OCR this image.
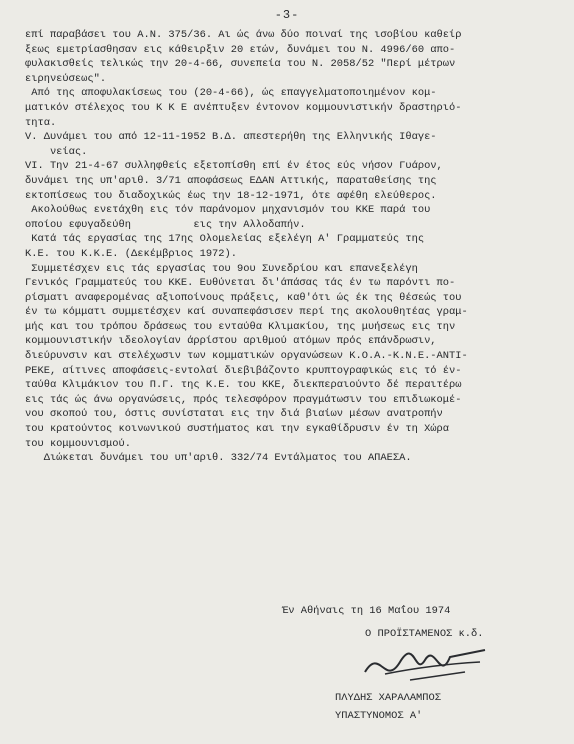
-3-

επί παραβάσει του Α.Ν. 375/36. Αι ώς άνω δύο ποιναί της ισοβίου καθείρ

ξεως εμετρίασθησαν εις κάθειρξιν 20 ετών, δυνάμει του Ν. 4996/60 απο-

φυλακισθείς τελικώς την 20-4-66, συνεπεία του Ν. 2058/52 "Περί μέτρων

ειρηνεύσεως".

Από της αποφυλακίσεως του (20-4-66), ώς επαγγελματοποιημένον κομ-

ματικόν στέλεχος του Κ Κ Ε ανέπτυξεν έντονον κομμουνιστικήν δραστηριό-

τητα.

V. Δυνάμει του από 12-11-1952 Β.Δ. απεστερήθη της Ελληνικής Ιθαγε-

νείας.

VI. Την 21-4-67 συλληφθείς εξετοπίσθη επί έν έτος εύς νήσον Γυάρον,

δυνάμει της υπ'αριθ. 3/71 αποφάσεως ΕΔΑΝ Αττικής, παραταθείσης της

εκτοπίσεως του διαδοχικώς έως την 18-12-1971, ότε αφέθη ελεύθερος.

Ακολούθως ενετάχθη εις τόν παράνομον μηχανισμόν του ΚΚΕ παρά του

οποίου εφυγαδεύθη          εις την Αλλοδαπήν.

Κατά τάς εργασίας της 17ης Ολομελείας εξελέγη Α' Γραμματεύς της

Κ.Ε. του Κ.Κ.Ε. (Δεκέμβριος 1972).

Συμμετέσχεν εις τάς εργασίας του 9ου Συνεδρίου και επανεξελέγη

Γενικός Γραμματεύς του ΚΚΕ. Ευθύνεται δι'άπάσας τάς έν τω παρόντι πο-

ρίσματι αναφερομένας αξιοποίνους πράξεις, καθ'ότι ώς έκ της θέσεώς του

έν τω κόμματι συμμετέσχεν καί συναπεφάσισεν περί της ακολουθητέας γραμ-

μής και του τρόπου δράσεως του ενταύθα Κλιμακίου, της μυήσεως εις την

κομμουνιστικήν ιδεολογίαν άρρίστου αριθμού ατόμων πρός επάνδρωσιν,

διεύρυνσιν και στελέχωσιν των κομματικών οργανώσεων Κ.Ο.Α.-Κ.Ν.Ε.-ΑΝΤΙ-

ΡΕΚΕ, αίτινες αποφάσεις-εντολαί διεβιβάζοντο κρυπτογραφικώς εις τό έν-

ταύθα Κλιμάκιον του Π.Γ. της Κ.Ε. του ΚΚΕ, διεκπεραιούντο δέ περαιτέρω

εις τάς ώς άνω οργανώσεις, πρός τελεσφόρον πραγμάτωσιν του επιδιωκομέ-

νου σκοπού του, όστις συνίσταται εις την διά βιαίων μέσων ανατροπήν

του κρατούντος κοινωνικού συστήματος και την εγκαθίδρυσιν έν τη Χώρα

του κομμουνισμού.

Διώκεται δυνάμει του υπ'αριθ. 332/74 Εντάλματος του ΑΠΑΕΣΑ.

Έν Αθήναις τη 16 Μαΐου 1974
Ο ΠΡΟΪΣΤΑΜΕΝΟΣ κ.δ.
ΠΛΥΔΗΣ ΧΑΡΑΛΑΜΠΟΣ
ΥΠΑΣΤΥΝΟΜΟΣ Α'
